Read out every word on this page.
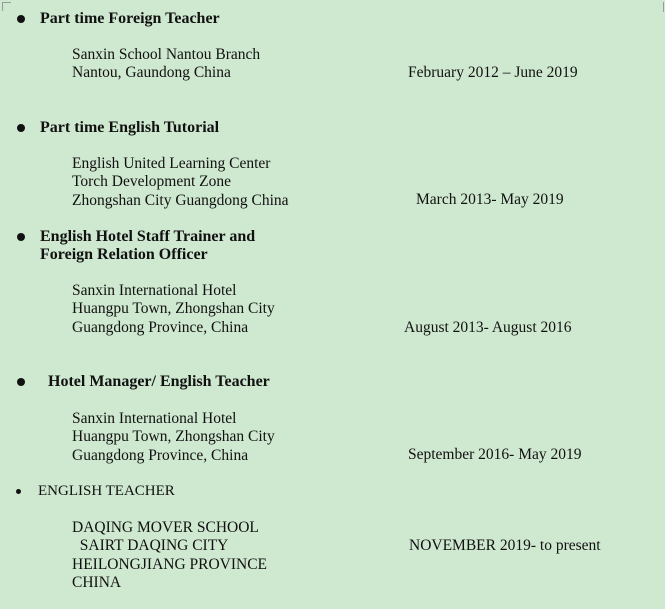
Part time Foreign Teacher
Sanxin School Nantou Branch
Nantou, Gaundong China	February 2012 – June 2019
Part time English Tutorial
English United Learning Center
Torch Development Zone
Zhongshan City Guangdong China	March 2013- May 2019
English Hotel Staff Trainer and
Foreign Relation Officer
Sanxin International Hotel
Huangpu Town, Zhongshan City
Guangdong Province, China	August 2013- August 2016
Hotel Manager/ English Teacher
Sanxin International Hotel
Huangpu Town, Zhongshan City
Guangdong Province, China	September 2016- May 2019
ENGLISH TEACHER
DAQING MOVER SCHOOL
SAIRT DAQING CITY
HEILONGJIANG PROVINCE
CHINA
NOVEMBER 2019- to present
